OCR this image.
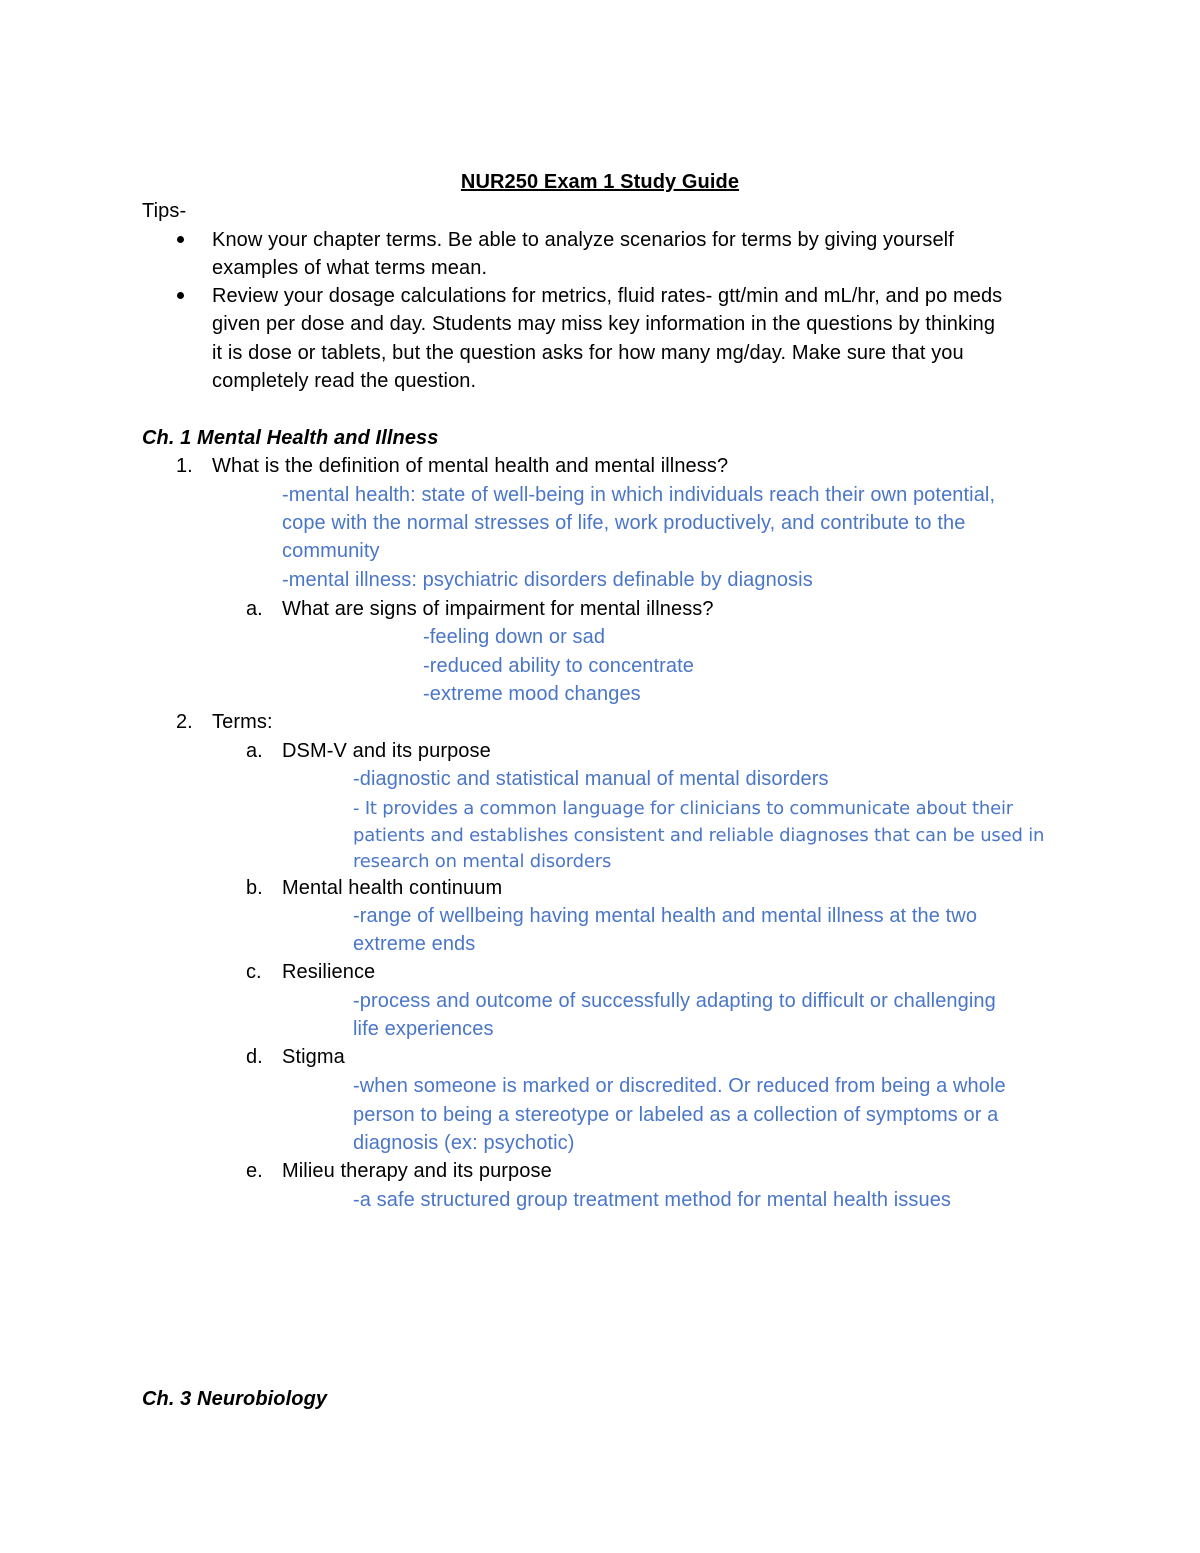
NUR250 Exam 1 Study Guide
Tips-
Know your chapter terms. Be able to analyze scenarios for terms by giving yourself
examples of what terms mean.
Review your dosage calculations for metrics, fluid rates- gtt/min and mL/hr, and po meds
given per dose and day. Students may miss key information in the questions by thinking
it is dose or tablets, but the question asks for how many mg/day. Make sure that you
completely read the question.
Ch. 1 Mental Health and Illness
1. What is the definition of mental health and mental illness?
-mental health: state of well-being in which individuals reach their own potential,
cope with the normal stresses of life, work productively, and contribute to the
community
-mental illness: psychiatric disorders definable by diagnosis
a. What are signs of impairment for mental illness?
-feeling down or sad
-reduced ability to concentrate
-extreme mood changes
2. Terms:
a. DSM-V and its purpose
-diagnostic and statistical manual of mental disorders
- It provides a common language for clinicians to communicate about their
patients and establishes consistent and reliable diagnoses that can be used in
research on mental disorders
b. Mental health continuum
-range of wellbeing having mental health and mental illness at the two
extreme ends
c. Resilience
-process and outcome of successfully adapting to difficult or challenging
life experiences
d. Stigma
-when someone is marked or discredited. Or reduced from being a whole
person to being a stereotype or labeled as a collection of symptoms or a
diagnosis (ex: psychotic)
e. Milieu therapy and its purpose
-a safe structured group treatment method for mental health issues
Ch. 3 Neurobiology
